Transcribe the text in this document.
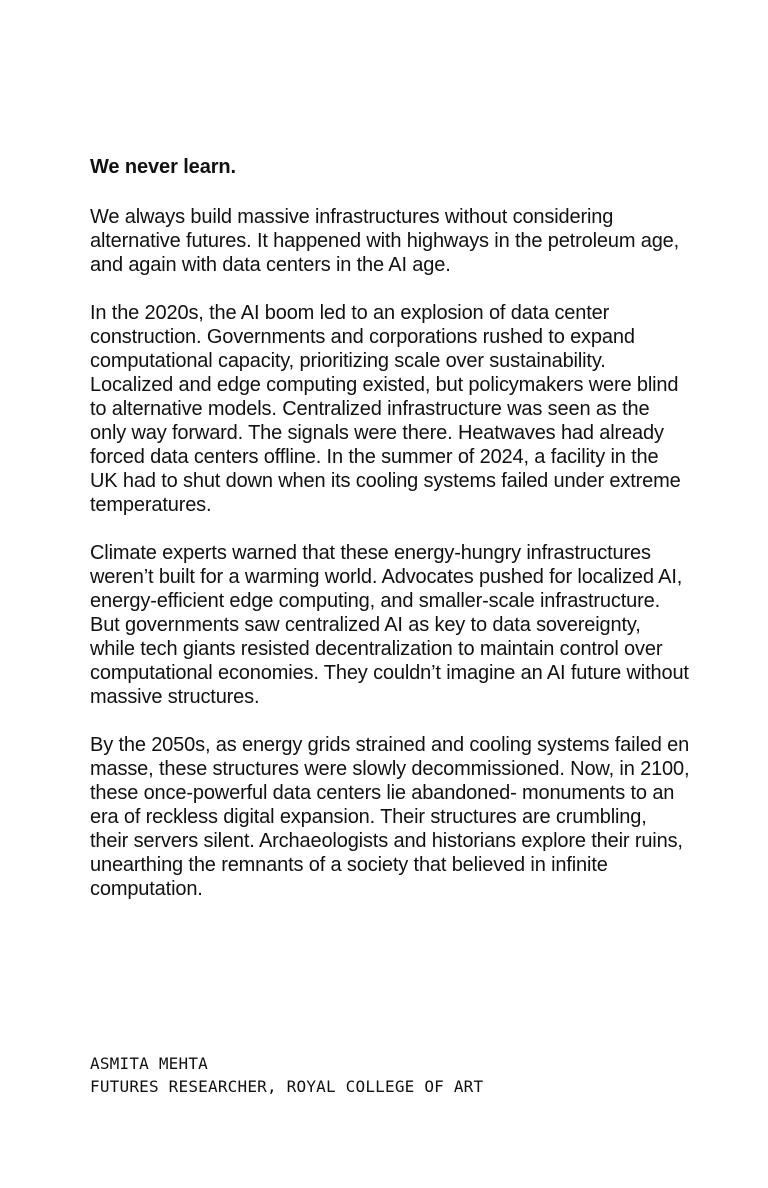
We never learn.

We always build massive infrastructures without considering alternative futures. It happened with highways in the petroleum age, and again with data centers in the AI age.

In the 2020s, the AI boom led to an explosion of data center construction. Governments and corporations rushed to expand computational capacity, prioritizing scale over sustainability. Localized and edge computing existed, but policymakers were blind to alternative models. Centralized infrastructure was seen as the only way forward. The signals were there. Heatwaves had already forced data centers offline. In the summer of 2024, a facility in the UK had to shut down when its cooling systems failed under extreme temperatures.

Climate experts warned that these energy-hungry infrastructures weren’t built for a warming world. Advocates pushed for localized AI, energy-efficient edge computing, and smaller-scale infrastructure. But governments saw centralized AI as key to data sovereignty, while tech giants resisted decentralization to maintain control over computational economies. They couldn’t imagine an AI future without massive structures.

By the 2050s, as energy grids strained and cooling systems failed en masse, these structures were slowly decommissioned. Now, in 2100, these once-powerful data centers lie abandoned- monuments to an era of reckless digital expansion. Their structures are crumbling, their servers silent. Archaeologists and historians explore their ruins, unearthing the remnants of a society that believed in infinite computation.

ASMITA MEHTA
FUTURES RESEARCHER, ROYAL COLLEGE OF ART
